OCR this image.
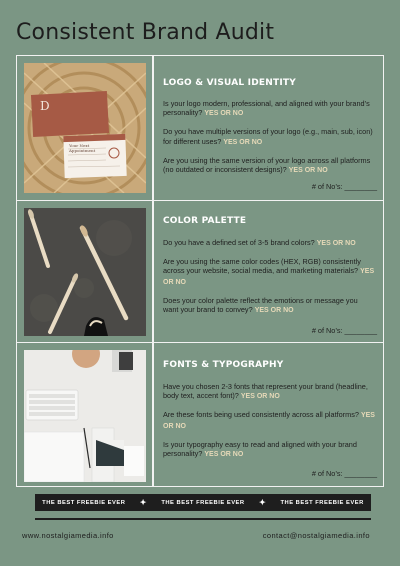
Consistent Brand Audit
D
Your Next
Appointment
LOGO & VISUAL IDENTITY
Is your logo modern, professional, and aligned with your brand’s personality? YES OR NO
Do you have multiple versions of your logo (e.g., main, sub, icon) for different uses? YES OR NO
Are you using the same version of your logo across all platforms (no outdated or inconsistent designs)? YES OR NO
# of No’s: ________
COLOR PALETTE
Do you have a defined set of 3-5 brand colors? YES OR NO
Are you using the same color codes (HEX, RGB) consistently across your website, social media, and marketing materials? YES OR NO
Does your color palette reflect the emotions or message you want your brand to convey? YES OR NO
# of No’s: ________
FONTS & TYPOGRAPHY
Have you chosen 2-3 fonts that represent your brand (headline, body text, accent font)? YES OR NO
Are these fonts being used consistently across all platforms? YES OR NO
Is your typography easy to read and aligned with your brand personality? YES OR NO
# of No’s: ________
THE BEST FREEBIE EVER ✦ THE BEST FREEBIE EVER ✦ THE BEST FREEBIE EVER
www.nostalgiamedia.info	contact@nostalgiamedia.info
